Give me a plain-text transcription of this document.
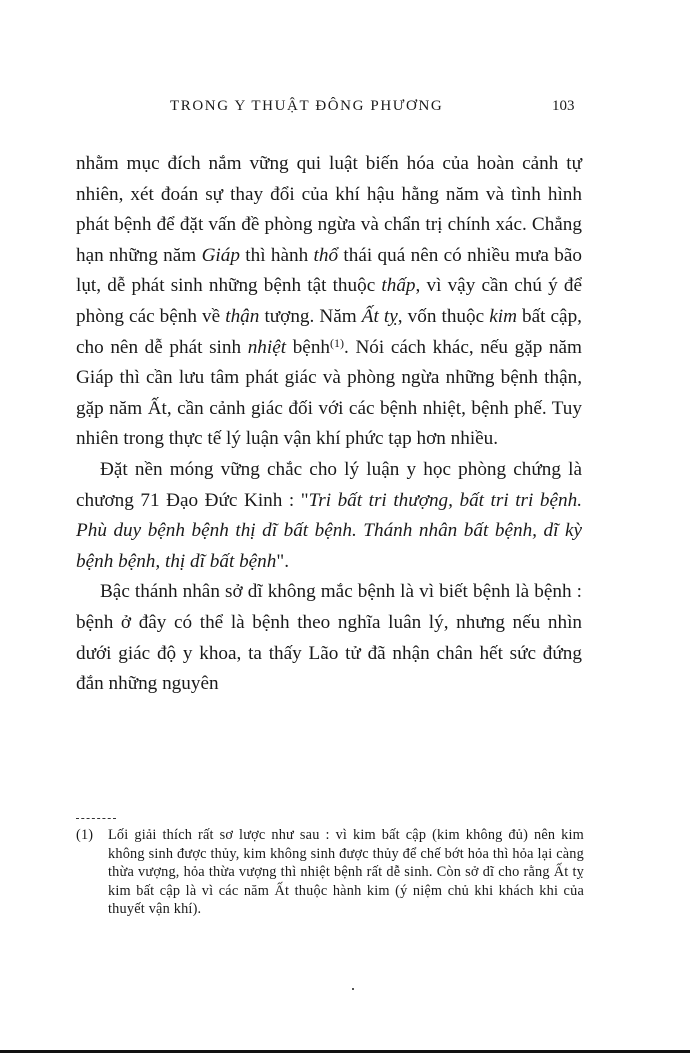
TRONG Y THUẬT ĐÔNG PHƯƠNG	103

nhằm mục đích nắm vững qui luật biến hóa của hoàn cảnh tự nhiên, xét đoán sự thay đổi của khí hậu hằng năm và tình hình phát bệnh để đặt vấn đề phòng ngừa và chẩn trị chính xác. Chẳng hạn những năm Giáp thì hành thổ thái quá nên có nhiều mưa bão lụt, dễ phát sinh những bệnh tật thuộc thấp, vì vậy cần chú ý để phòng các bệnh về thận tượng. Năm Ất tỵ, vốn thuộc kim bất cập, cho nên dễ phát sinh nhiệt bệnh$^{(1)}$. Nói cách khác, nếu gặp năm Giáp thì cần lưu tâm phát giác và phòng ngừa những bệnh thận, gặp năm Ất, cần cảnh giác đối với các bệnh nhiệt, bệnh phế. Tuy nhiên trong thực tế lý luận vận khí phức tạp hơn nhiều.

Đặt nền móng vững chắc cho lý luận y học phòng chứng là chương 71 Đạo Đức Kinh : "Tri bất tri thượng, bất tri tri bệnh. Phù duy bệnh bệnh thị dĩ bất bệnh. Thánh nhân bất bệnh, dĩ kỳ bệnh bệnh, thị dĩ bất bệnh".

Bậc thánh nhân sở dĩ không mắc bệnh là vì biết bệnh là bệnh : bệnh ở đây có thể là bệnh theo nghĩa luân lý, nhưng nếu nhìn dưới giác độ y khoa, ta thấy Lão tử đã nhận chân hết sức đứng đắn những nguyên

(1) Lối giải thích rất sơ lược như sau : vì kim bất cập (kim không đủ) nên kim không sinh được thủy, kim không sinh được thủy để chế bớt hỏa thì hỏa lại càng thừa vượng, hỏa thừa vượng thì nhiệt bệnh rất dễ sinh. Còn sở dĩ cho rằng Ất tỵ kim bất cập là vì các năm Ất thuộc hành kim (ý niệm chủ khi khách khi của thuyết vận khí).
